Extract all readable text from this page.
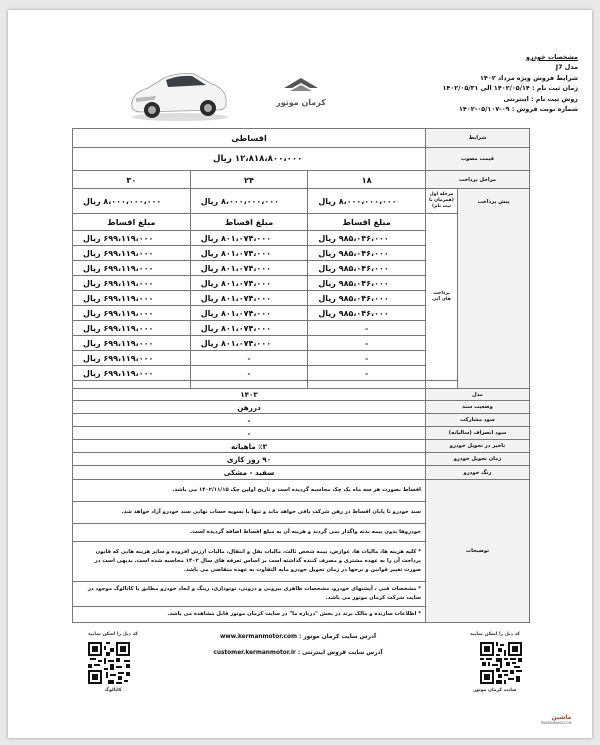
مشخصات خودرو
مدل J7
شرایط فروش ویژه مرداد ۱۴۰۲
زمان ثبت نام : ۱۴۰۲/۰۵/۱۴ الی ۱۴۰۲/۰۵/۳۱
روش ثبت نام : اینترنتی
شماره نوبت فروش : ۰۹-۰۵/۱۰۷-۱۴۰۲
کرمان موتور
شرایط		اقساطی		
قیمت مصوب		۱۲،۸۱۸،۸۰۰،۰۰۰ ریال		
مراحل پرداخت		۱۸	۲۴	۳۰
پیش پرداخت	مرحله اول (همزمان با ثبت نام)	۸،۰۰۰،۰۰۰،۰۰۰ ریال	۸،۰۰۰،۰۰۰،۰۰۰ ریال	۸،۰۰۰،۰۰۰،۰۰۰ ریال
	پرداخت های آتی	مبلغ اقساط	مبلغ اقساط	مبلغ اقساط
		۹۸۵،۰۴۶،۰۰۰ ریال	۸۰۱،۰۷۴،۰۰۰ ریال	۶۹۹،۱۱۹،۰۰۰ ریال
		۹۸۵،۰۴۶،۰۰۰ ریال	۸۰۱،۰۷۴،۰۰۰ ریال	۶۹۹،۱۱۹،۰۰۰ ریال
		۹۸۵،۰۴۶،۰۰۰ ریال	۸۰۱،۰۷۴،۰۰۰ ریال	۶۹۹،۱۱۹،۰۰۰ ریال
		۹۸۵،۰۴۶،۰۰۰ ریال	۸۰۱،۰۷۴،۰۰۰ ریال	۶۹۹،۱۱۹،۰۰۰ ریال
		۹۸۵،۰۴۶،۰۰۰ ریال	۸۰۱،۰۷۴،۰۰۰ ریال	۶۹۹،۱۱۹،۰۰۰ ریال
		۹۸۵،۰۴۶،۰۰۰ ریال	۸۰۱،۰۷۴،۰۰۰ ریال	۶۹۹،۱۱۹،۰۰۰ ریال
		-	۸۰۱،۰۷۴،۰۰۰ ریال	۶۹۹،۱۱۹،۰۰۰ ریال
		-	۸۰۱،۰۷۴،۰۰۰ ریال	۶۹۹،۱۱۹،۰۰۰ ریال
		-	-	۶۹۹،۱۱۹،۰۰۰ ریال
		-	-	۶۹۹،۱۱۹،۰۰۰ ریال

مدل		۱۴۰۳		
وضعیت سند		دررهن		
سود مشارکت		-		
سود انصراف (سالیانه)		-		
تاخیر در تحویل خودرو		٪۳ ماهیانه		
زمان تحویل خودرو		۹۰ روز کاری		
رنگ خودرو		سفید - مشکی		
توضیحات		اقساط بصورت هر سه ماه یک چک محاسبه گردیده است و تاریخ اولین چک ۱۴۰۲/۱۱/۱۵ می باشد.		
		سند خودرو تا پایان اقساط در رهن شرکت باقی خواهد ماند و تنها با تسویه حساب نهایی سند خودرو آزاد خواهد شد.		
		خودروها بدون بیمه بدنه واگذار نمی گردند و هزینه آن به مبلغ اقساط اضافه گردیده است.		
		* کلیه هزینه ها، مالیات ها، عوارض، بیمه شخص ثالث، مالیات نقل و انتقال، مالیات ارزش افزوده و سایر هزینه هایی که قانون پرداخت آن را به عهده مشتری و مصرف کننده گذاشته است بر اساس تعرفه های سال ۱۴۰۲ محاسبه شده است. بدیهی است در صورت تغییر قوانین و نرخها در زمان تحویل خودرو مابه التفاوت به عهده متقاضی می باشد.		
		* مشخصات فنی ، آپشنهای خودرو، مشخصات ظاهری بیرونی و درونی، توتوداری، رینگ و ابعاد خودرو مطابق با کاتالوگ موجود در سایت شرکت کرمان موتور می باشد.		
		* اطلاعات سازنده و مالک برند در بخش "درباره ما" در سایت کرمان موتور قابل مشاهده می باشد.		
کد ذیل را اسکن نمایید
سایت کرمان موتور
کد ذیل را اسکن نمایید
کاتالوگ
آدرس سایت کرمان موتور : www.kermanmotor.com
آدرس سایت فروش اینترنتی : customer.kermanmotor.ir
ماشین
MASHINRAMA.COM
